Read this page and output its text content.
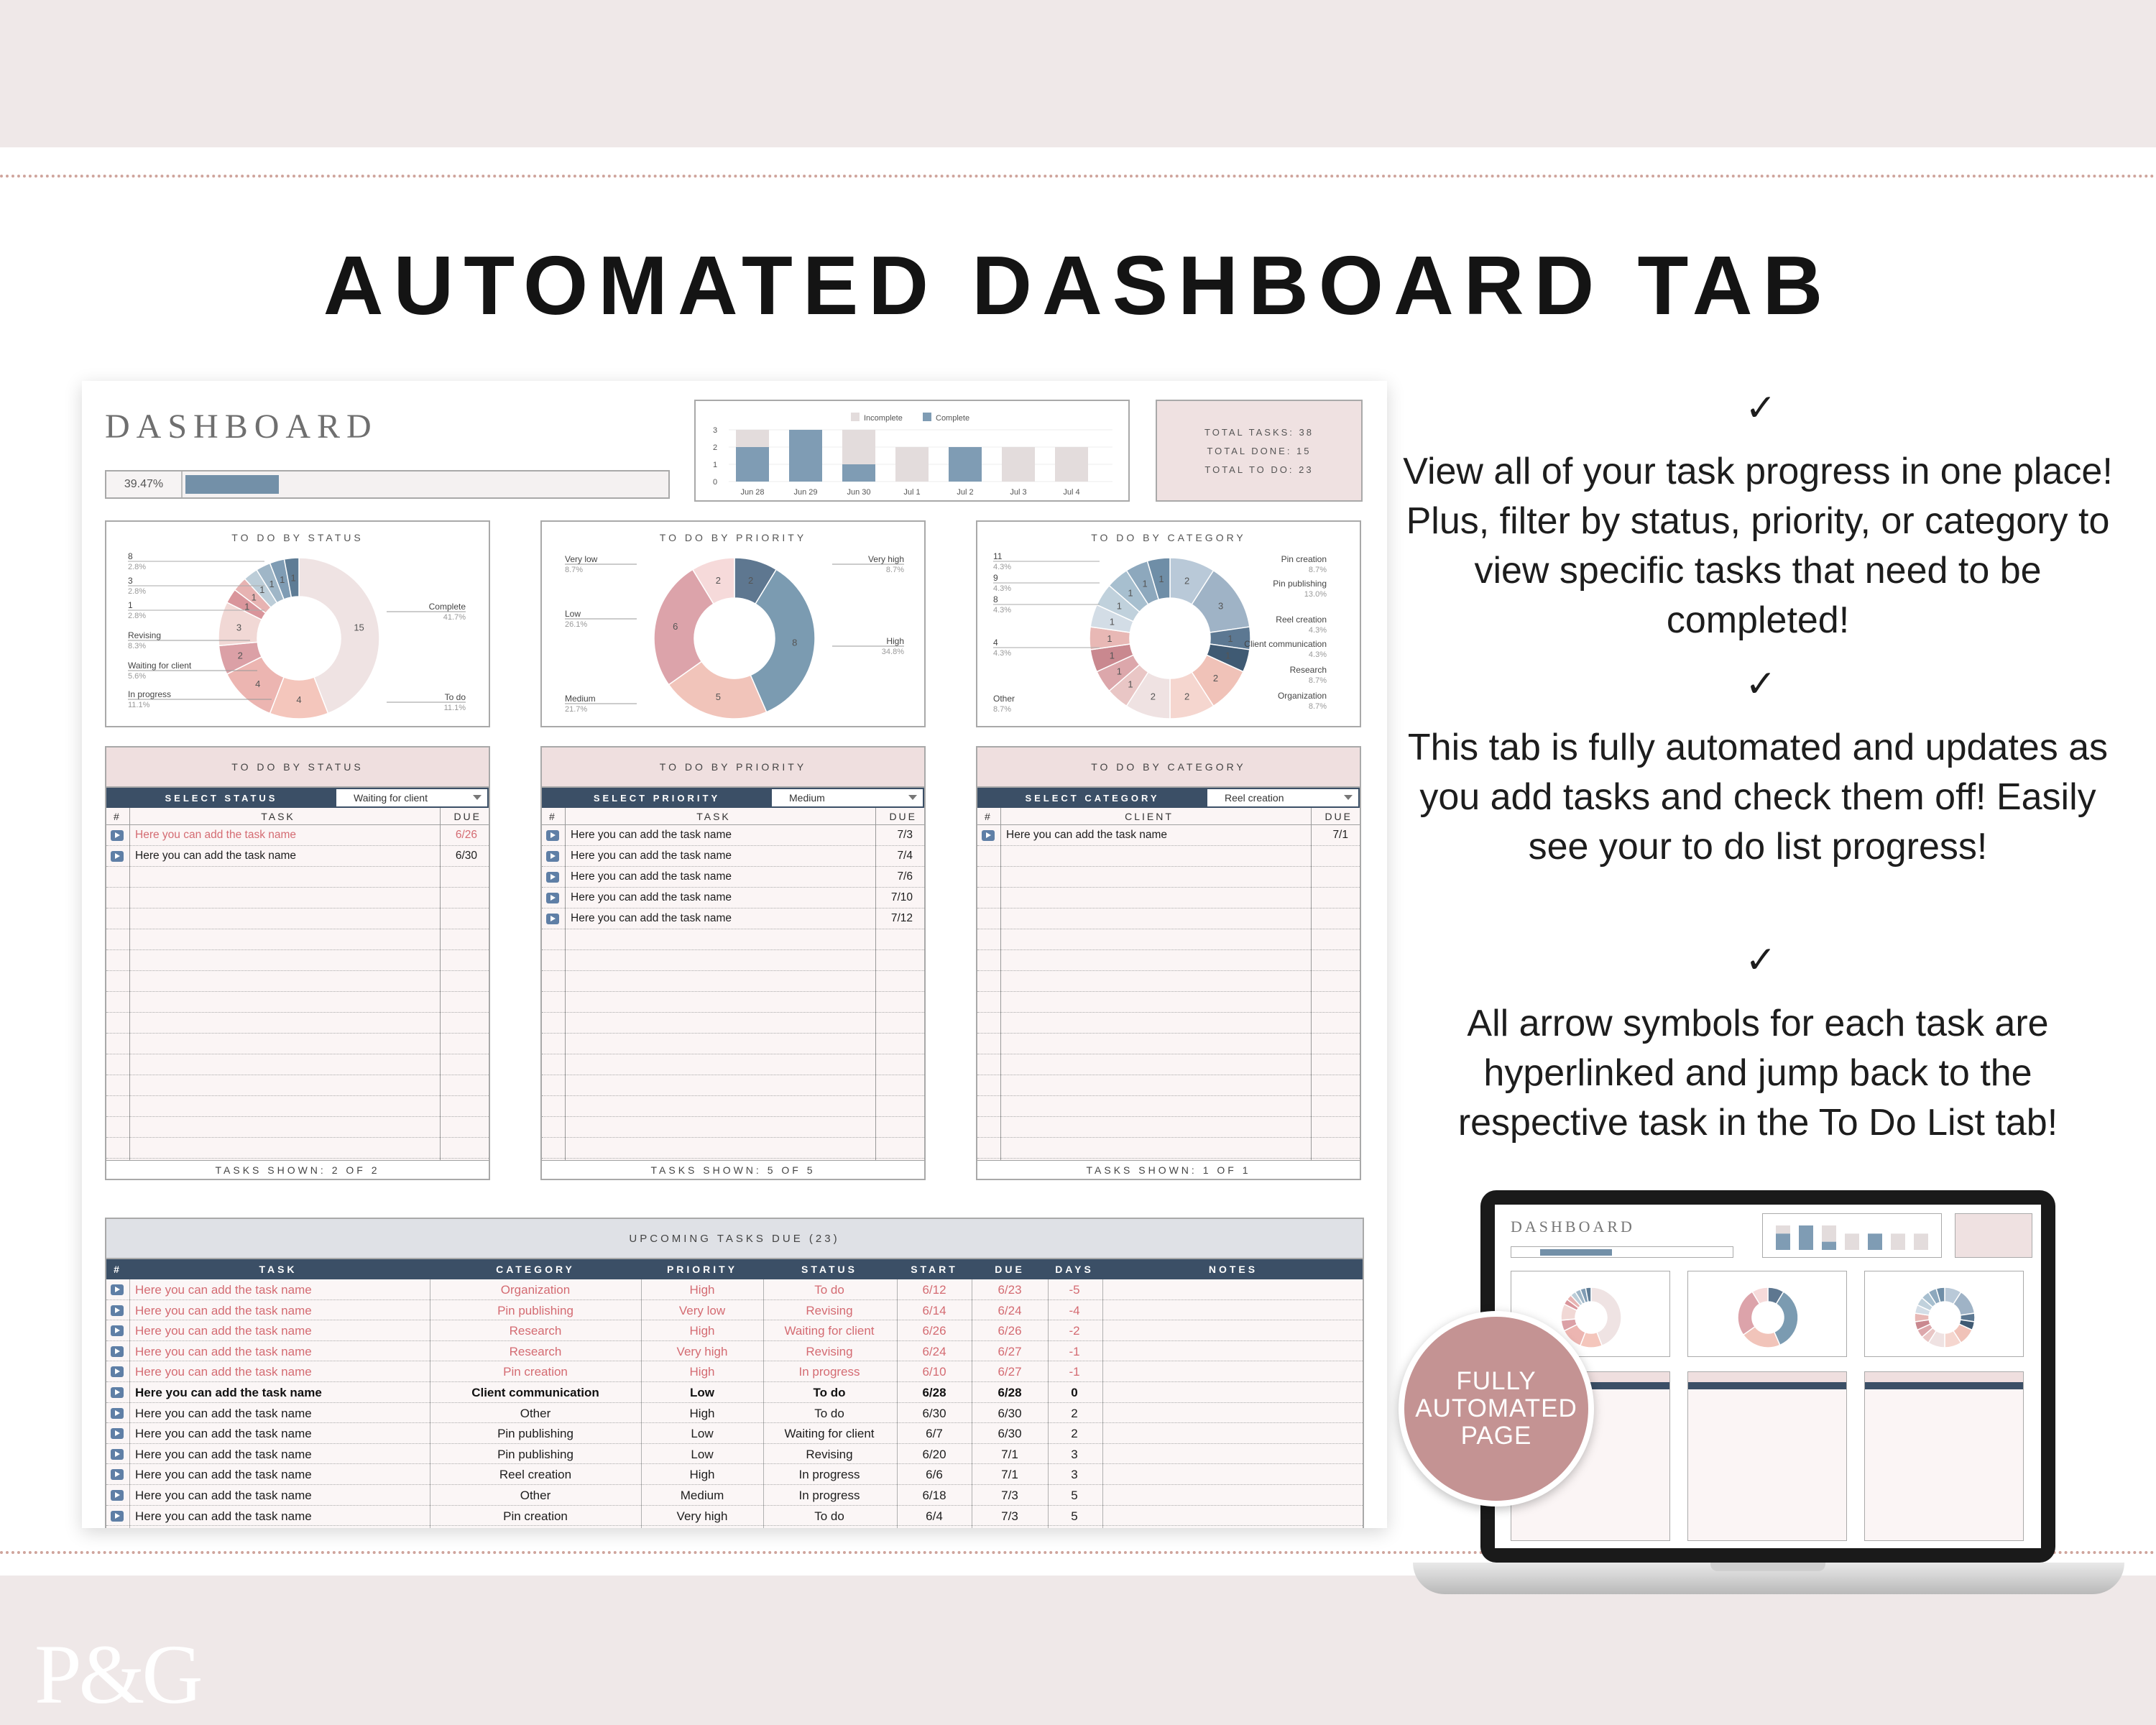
P&G
AUTOMATED DASHBOARD TAB
DASHBOARD
39.47%
Incomplete	Complete
0
1
2
3
Jun 28	Jun 29	Jun 30	Jul 1	Jul 2	Jul 3	Jul 4
TOTAL TASKS: 38
TOTAL DONE: 15
TOTAL TO DO: 23
15
4
4
2
3
1
1
1
1 1 1
Revising
8.3%
Waiting for client
5.6%
In progress
11.1%
Complete
41.7%
To do
11.1%
8
2.8%
3
2.8%
1
2.8%
TO DO BY STATUS
2
8
5
6
2
Very low
8.7%
Very high
8.7%
Low
26.1%
High
34.8%
Medium
21.7%
TO DO BY PRIORITY
2
3
1
1
2
2
2
1
1
1
1
1
1
1
1 1
Pin creation
8.7%
Pin publishing
13.0%
Reel creation
4.3%
Client communication
4.3%
Research
8.7%
Organization
8.7%
Other
8.7%
11
4.3%
9
4.3%
8
4.3%
4
4.3%
TO DO BY CATEGORY
TO DO BY STATUS
SELECT STATUS	Waiting for client
#	TASK	DUE
Here you can add the task name	6/26
Here you can add the task name	6/30
TASKS SHOWN: 2 OF 2
TO DO BY PRIORITY
SELECT PRIORITY	Medium
#	TASK	DUE
Here you can add the task name	7/3
Here you can add the task name	7/4
Here you can add the task name	7/6
Here you can add the task name	7/10
Here you can add the task name	7/12
TASKS SHOWN: 5 OF 5
TO DO BY CATEGORY
SELECT CATEGORY	Reel creation
#	CLIENT	DUE
Here you can add the task name	7/1
TASKS SHOWN: 1 OF 1
UPCOMING TASKS DUE (23)
#	TASK	CATEGORY	PRIORITY	STATUS	START	DUE	DAYS	NOTES
Here you can add the task name	Organization	High	To do	6/12	6/23	-5
Here you can add the task name	Pin publishing	Very low	Revising	6/14	6/24	-4
Here you can add the task name	Research	High	Waiting for client	6/26	6/26	-2
Here you can add the task name	Research	Very high	Revising	6/24	6/27	-1
Here you can add the task name	Pin creation	High	In progress	6/10	6/27	-1
Here you can add the task name	Client communication	Low	To do	6/28	6/28	0
Here you can add the task name	Other	High	To do	6/30	6/30	2
Here you can add the task name	Pin publishing	Low	Waiting for client	6/7	6/30	2
Here you can add the task name	Pin publishing	Low	Revising	6/20	7/1	3
Here you can add the task name	Reel creation	High	In progress	6/6	7/1	3
Here you can add the task name	Other	Medium	In progress	6/18	7/3	5
Here you can add the task name	Pin creation	Very high	To do	6/4	7/3	5
✓
View all of your task progress in one place! Plus, filter by status, priority, or category to view specific tasks that need to be completed!
✓
This tab is fully automated and updates as you add tasks and check them off! Easily see your to do list progress!
✓
All arrow symbols for each task are hyperlinked and jump back to the respective task in the To Do List tab!
DASHBOARD
FULLY
AUTOMATED
PAGE
